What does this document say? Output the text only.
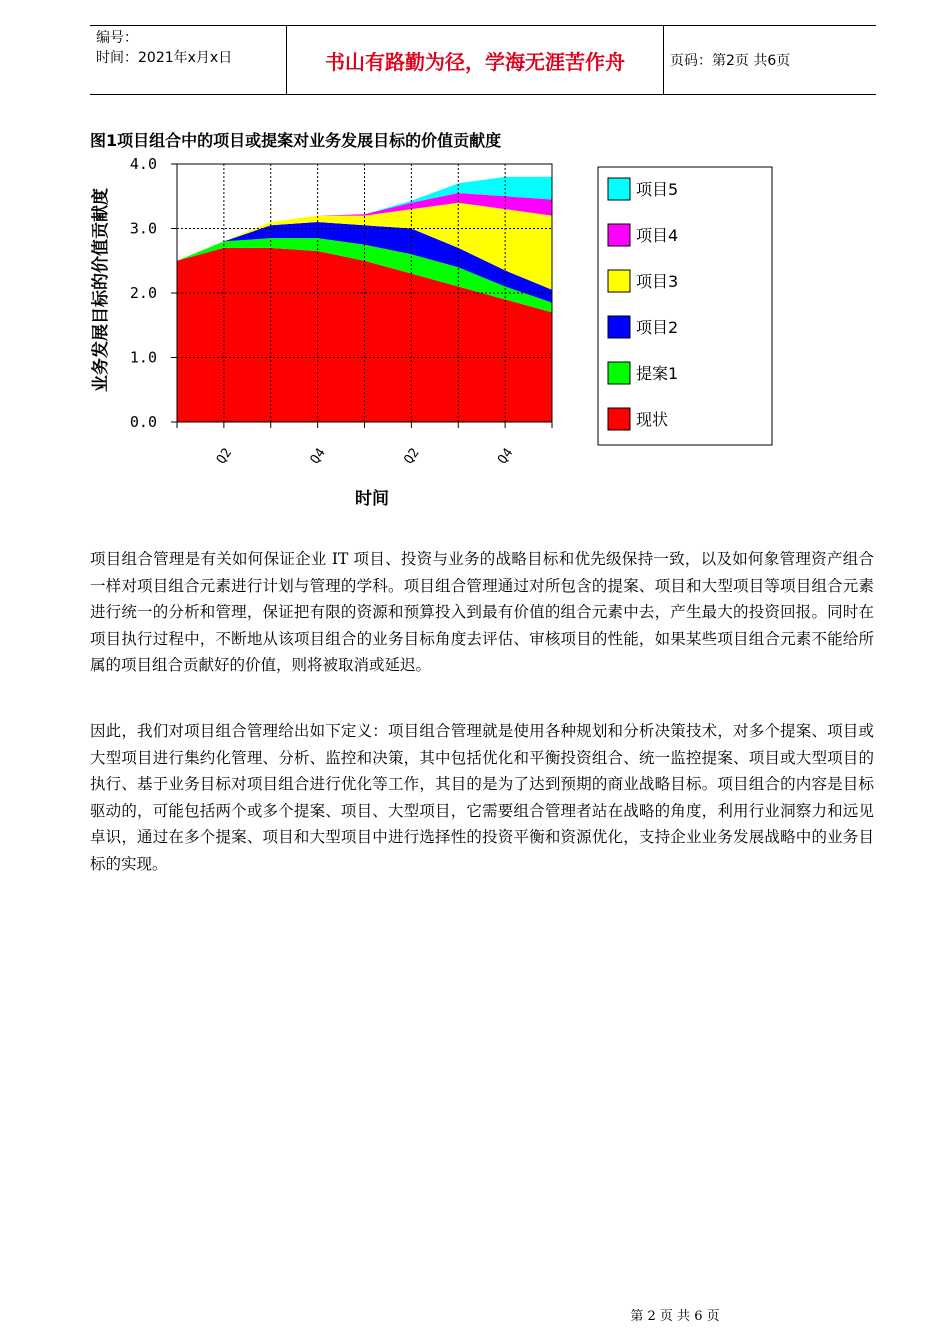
编号：
时间：2021年x月x日	书山有路勤为径，学海无涯苦作舟	页码：第2页 共6页
图1项目组合中的项目或提案对业务发展目标的价值贡献度
0.0
1.0
2.0
3.0
4.0
Q2	Q4	Q2	Q4
项目5
项目4
项目3
项目2
提案1
现状
业务发展目标的价值贡献度
时间

项目组合管理是有关如何保证企业 IT 项目、投资与业务的战略目标和优先级保持一致，以及如何象管理资产组合一样对项目组合元素进行计划与管理的学科。项目组合管理通过对所包含的提案、项目和大型项目等项目组合元素进行统一的分析和管理，保证把有限的资源和预算投入到最有价值的组合元素中去，产生最大的投资回报。同时在项目执行过程中，不断地从该项目组合的业务目标角度去评估、审核项目的性能，如果某些项目组合元素不能给所属的项目组合贡献好的价值，则将被取消或延迟。

因此，我们对项目组合管理给出如下定义：项目组合管理就是使用各种规划和分析决策技术，对多个提案、项目或大型项目进行集约化管理、分析、监控和决策，其中包括优化和平衡投资组合、统一监控提案、项目或大型项目的执行、基于业务目标对项目组合进行优化等工作，其目的是为了达到预期的商业战略目标。项目组合的内容是目标驱动的，可能包括两个或多个提案、项目、大型项目，它需要组合管理者站在战略的角度，利用行业洞察力和远见卓识，通过在多个提案、项目和大型项目中进行选择性的投资平衡和资源优化，支持企业业务发展战略中的业务目标的实现。

第 2 页 共 6 页
